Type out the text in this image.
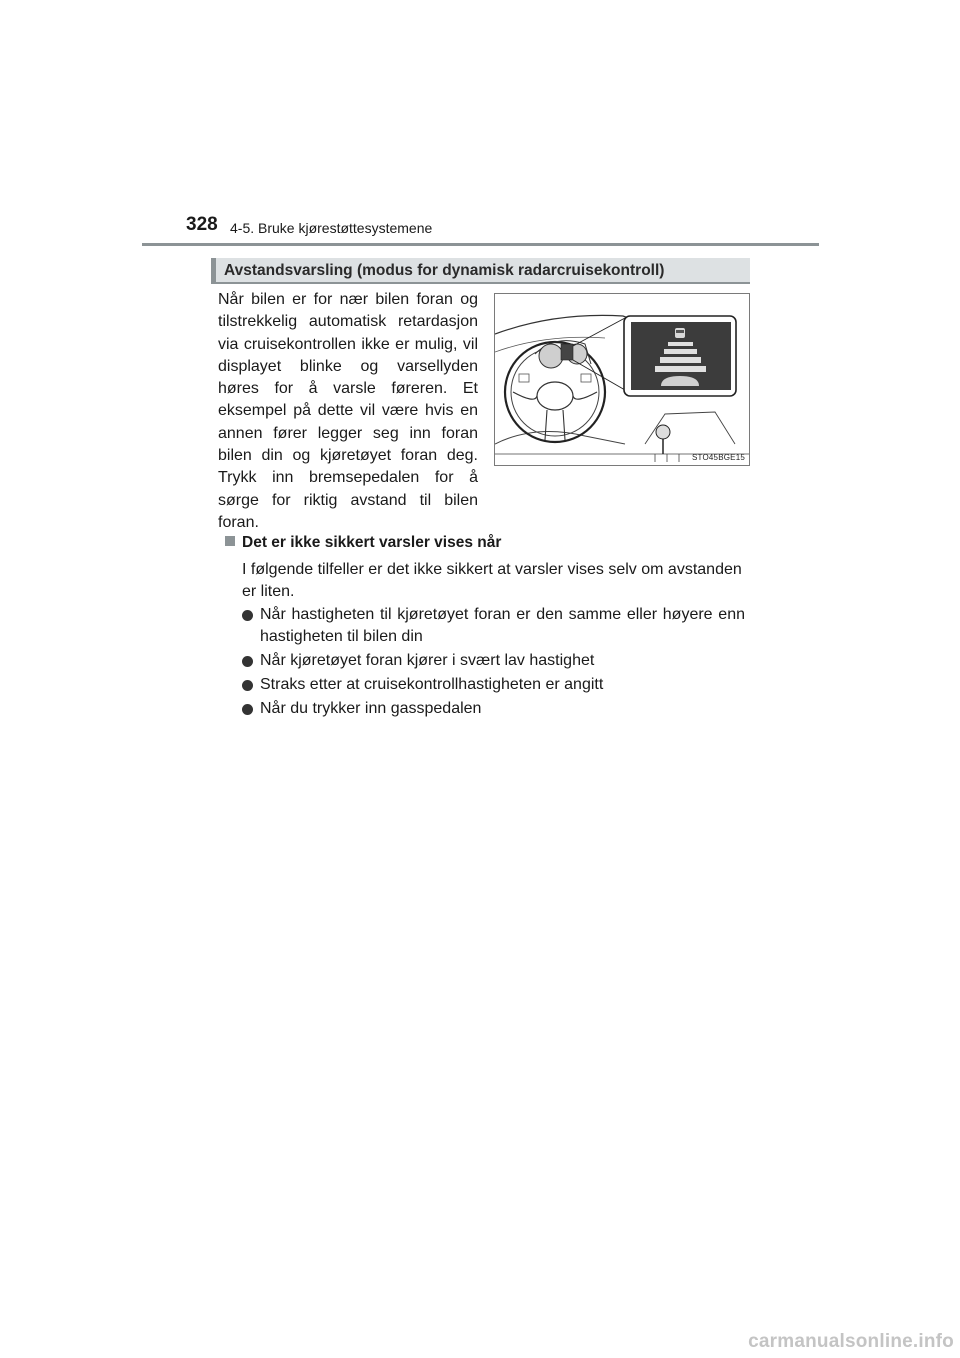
328 4-5. Bruke kjørestøttesystemene
Avstandsvarsling (modus for dynamisk radarcruisekontroll)

Når bilen er for nær bilen foran og tilstrekkelig automatisk retardasjon via cruisekontrollen ikke er mulig, vil displayet blinke og varsellyden høres for å varsle føreren. Et eksempel på dette vil være hvis en annen fører legger seg inn foran bilen din og kjøretøyet foran deg. Trykk inn bremsepedalen for å sørge for riktig avstand til bilen foran.

STO45BGE15
Det er ikke sikkert varsler vises når

I følgende tilfeller er det ikke sikkert at varsler vises selv om avstanden er liten.

Når hastigheten til kjøretøyet foran er den samme eller høyere enn hastigheten til bilen din
Når kjøretøyet foran kjører i svært lav hastighet
Straks etter at cruisekontrollhastigheten er angitt
Når du trykker inn gasspedalen
carmanualsonline.info
